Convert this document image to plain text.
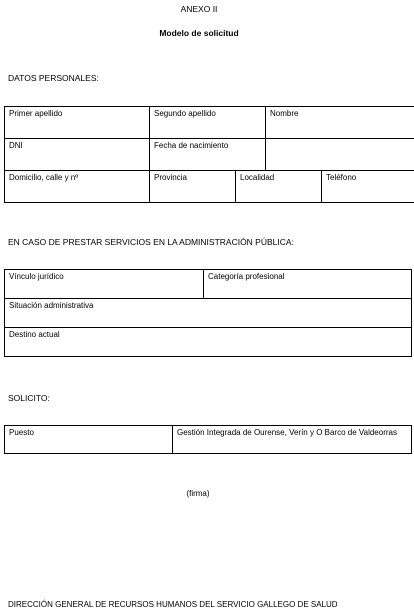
ANEXO II
Modelo de solicitud
DATOS PERSONALES:
Primer apellido	Segundo apellido		Nombre	
DNI	Fecha de nacimiento			
Domicilio, calle y nº	Provincia	Localidad		Teléfono
EN CASO DE PRESTAR SERVICIOS EN LA ADMINISTRACIÓN PÚBLICA:
Vínculo jurídico	Categoría profesional
Situación administrativa
Destino actual
SOLICITO:
Puesto	Gestión Integrada de Ourense, Verín y O Barco de Valdeorras
(firma)
DIRECCIÓN GENERAL DE RECURSOS HUMANOS DEL SERVICIO GALLEGO DE SALUD
